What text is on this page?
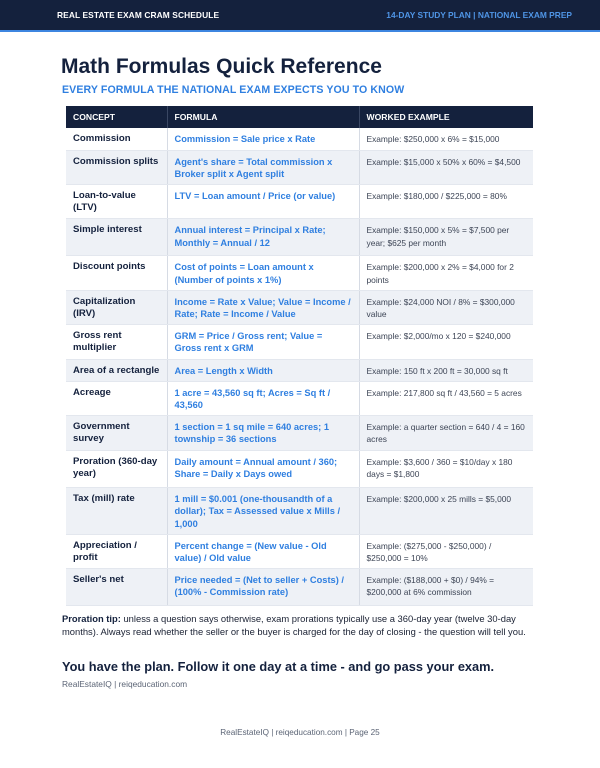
REAL ESTATE EXAM CRAM SCHEDULE	14-DAY STUDY PLAN | NATIONAL EXAM PREP
Math Formulas Quick Reference
EVERY FORMULA THE NATIONAL EXAM EXPECTS YOU TO KNOW
CONCEPT	FORMULA	WORKED EXAMPLE
Commission	Commission = Sale price x Rate	Example: $250,000 x 6% = $15,000
Commission splits	Agent's share = Total commission x Broker split x Agent split	Example: $15,000 x 50% x 60% = $4,500
Loan-to-value (LTV)	LTV = Loan amount / Price (or value)	Example: $180,000 / $225,000 = 80%
Simple interest	Annual interest = Principal x Rate; Monthly = Annual / 12	Example: $150,000 x 5% = $7,500 per year; $625 per month
Discount points	Cost of points = Loan amount x (Number of points x 1%)	Example: $200,000 x 2% = $4,000 for 2 points
Capitalization (IRV)	Income = Rate x Value; Value = Income / Rate; Rate = Income / Value	Example: $24,000 NOI / 8% = $300,000 value
Gross rent multiplier	GRM = Price / Gross rent; Value = Gross rent x GRM	Example: $2,000/mo x 120 = $240,000
Area of a rectangle	Area = Length x Width	Example: 150 ft x 200 ft = 30,000 sq ft
Acreage	1 acre = 43,560 sq ft; Acres = Sq ft / 43,560	Example: 217,800 sq ft / 43,560 = 5 acres
Government survey	1 section = 1 sq mile = 640 acres; 1 township = 36 sections	Example: a quarter section = 640 / 4 = 160 acres
Proration (360-day year)	Daily amount = Annual amount / 360; Share = Daily x Days owed	Example: $3,600 / 360 = $10/day x 180 days = $1,800
Tax (mill) rate	1 mill = $0.001 (one-thousandth of a dollar); Tax = Assessed value x Mills / 1,000	Example: $200,000 x 25 mills = $5,000
Appreciation / profit	Percent change = (New value - Old value) / Old value	Example: ($275,000 - $250,000) / $250,000 = 10%
Seller's net	Price needed = (Net to seller + Costs) / (100% - Commission rate)	Example: ($188,000 + $0) / 94% = $200,000 at 6% commission

Proration tip: unless a question says otherwise, exam prorations typically use a 360-day year (twelve 30-day months). Always read whether the seller or the buyer is charged for the day of closing - the question will tell you.

You have the plan. Follow it one day at a time - and go pass your exam.
RealEstateIQ | reiqeducation.com
RealEstateIQ | reiqeducation.com | Page 25
